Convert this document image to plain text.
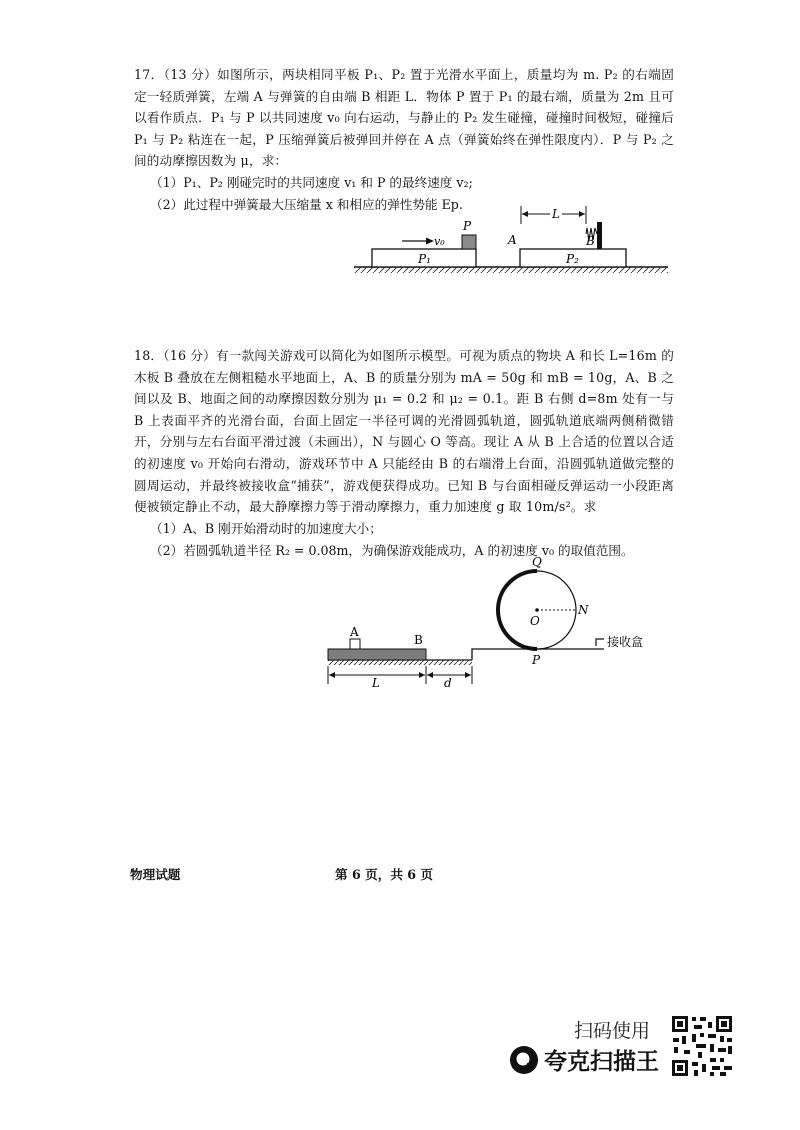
17．（13 分）如图所示，两块相同平板 P₁、P₂ 置于光滑水平面上，质量均为 m. P₂ 的右端固定一轻质弹簧，左端 A 与弹簧的自由端 B 相距 L．物体 P 置于 P₁ 的最右端，质量为 2m 且可以看作质点．P₁ 与 P 以共同速度 v₀ 向右运动，与静止的 P₂ 发生碰撞，碰撞时间极短，碰撞后 P₁ 与 P₂ 粘连在一起，P 压缩弹簧后被弹回并停在 A 点（弹簧始终在弹性限度内）．P 与 P₂ 之间的动摩擦因数为 μ，求：

（1）P₁、P₂ 刚碰完时的共同速度 v₁ 和 P 的最终速度 v₂;
（2）此过程中弹簧最大压缩量 x 和相应的弹性势能 Ep.
P₁
P
v₀
P₂
A	B
L

18．（16 分）有一款闯关游戏可以简化为如图所示模型。可视为质点的物块 A 和长 L=16m 的木板 B 叠放在左侧粗糙水平地面上，A、B 的质量分别为 mA = 50g 和 mB = 10g，A、B 之间以及 B、地面之间的动摩擦因数分别为 μ₁ = 0.2 和 μ₂ = 0.1。距 B 右侧 d=8m 处有一与 B 上表面平齐的光滑台面，台面上固定一半径可调的光滑圆弧轨道，圆弧轨道底端两侧稍微错开，分别与左右台面平滑过渡（未画出），N 与圆心 O 等高。现让 A 从 B 上合适的位置以合适的初速度 v₀ 开始向右滑动，游戏环节中 A 只能经由 B 的右端滑上台面，沿圆弧轨道做完整的圆周运动，并最终被接收盒“捕获”，游戏便获得成功。已知 B 与台面相碰反弹运动一小段距离便被锁定静止不动，最大静摩擦力等于滑动摩擦力，重力加速度 g 取 10m/s²。求

（1）A、B 刚开始滑动时的加速度大小；
（2）若圆弧轨道半径 R₂ = 0.08m，为确保游戏能成功，A 的初速度 v₀ 的取值范围。
B
A
Q
O
N
P
接收盒
L	d
物理试题	第 6 页，共 6 页
扫码使用
夸克扫描王
